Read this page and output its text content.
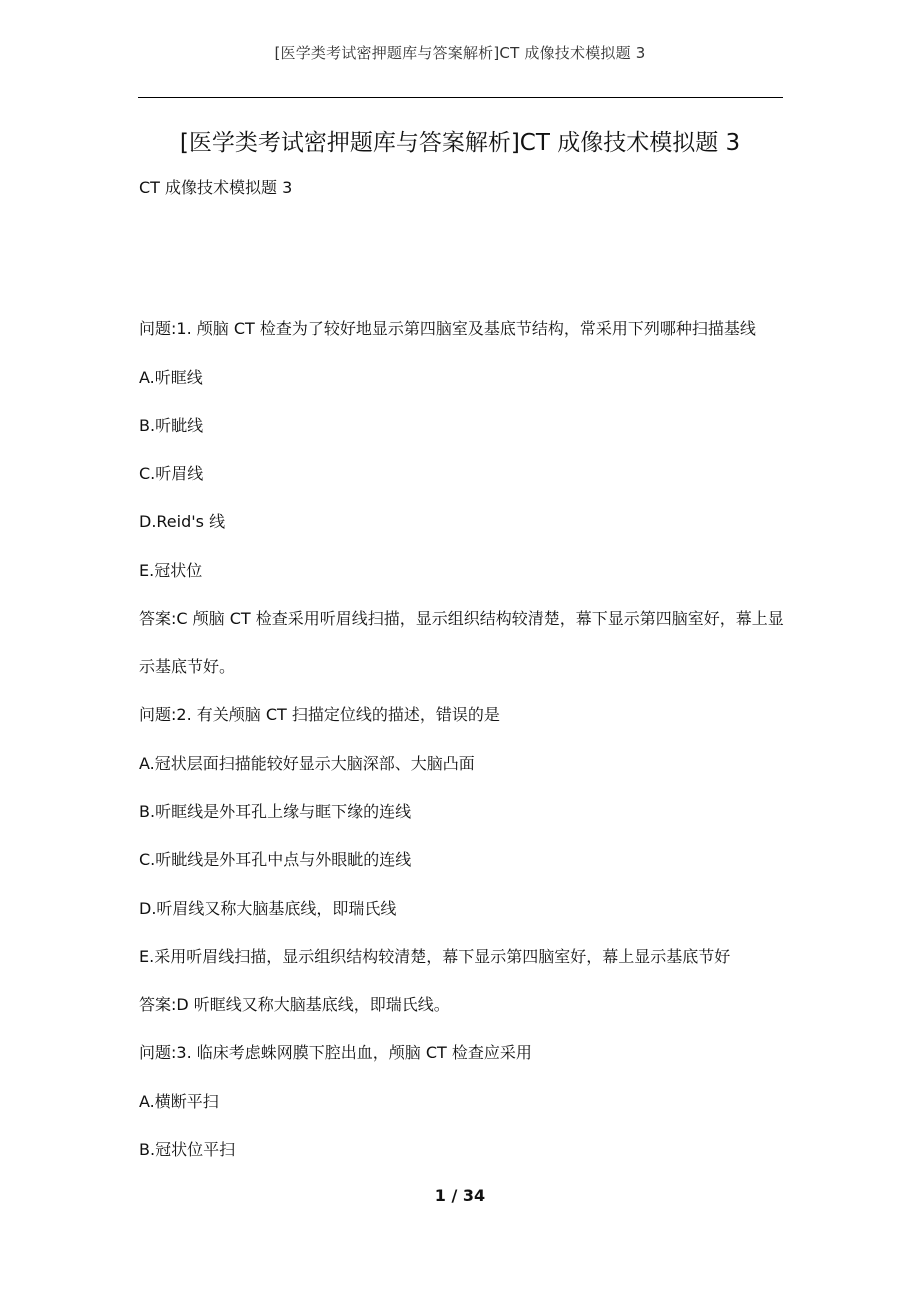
[医学类考试密押题库与答案解析]CT 成像技术模拟题 3
[医学类考试密押题库与答案解析]CT 成像技术模拟题 3
CT 成像技术模拟题 3
问题:1. 颅脑 CT 检查为了较好地显示第四脑室及基底节结构，常采用下列哪种扫描基线
A.听眶线
B.听眦线
C.听眉线
D.Reid's 线
E.冠状位
答案:C 颅脑 CT 检查采用听眉线扫描，显示组织结构较清楚，幕下显示第四脑室好，幕上显
示基底节好。
问题:2. 有关颅脑 CT 扫描定位线的描述，错误的是
A.冠状层面扫描能较好显示大脑深部、大脑凸面
B.听眶线是外耳孔上缘与眶下缘的连线
C.听眦线是外耳孔中点与外眼眦的连线
D.听眉线又称大脑基底线，即瑞氏线
E.采用听眉线扫描，显示组织结构较清楚，幕下显示第四脑室好，幕上显示基底节好
答案:D 听眶线又称大脑基底线，即瑞氏线。
问题:3. 临床考虑蛛网膜下腔出血，颅脑 CT 检查应采用
A.横断平扫
B.冠状位平扫
1 / 34
